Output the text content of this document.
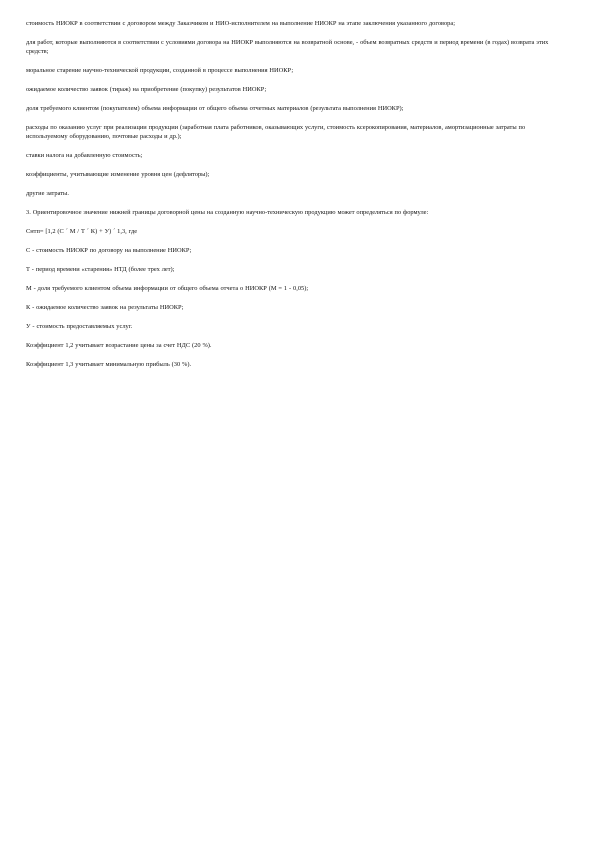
стоимость НИОКР в соответствии с договором между Заказчиком и НИО-исполнителем на выполнение НИОКР на этапе заключения указанного договора;

для работ, которые выполняются в соответствии с условиями договора на НИОКР выполняются на возвратной основе, - объем возвратных средств и период времени (в годах) возврата этих средств;

моральное старение научно-технической продукции, созданной в процессе выполнения НИОКР;

ожидаемое количество заявок (тираж) на приобретение (покупку) результатов НИОКР;

доля требуемого клиентом (покупателем) объема информации от общего объема отчетных материалов (результата выполнения НИОКР);

расходы по оказанию услуг при реализации продукции (заработная плата работников, оказывающих услуги, стоимость ксерокопирования, материалов, амортизационные затраты по используемому оборудованию, почтовые расходы и др.);

ставки налога на добавленную стоимость;

коэффициенты, учитывающие изменение уровня цен (дефляторы);

другие затраты.

3. Ориентировочное значение нижней границы договорной цены на созданную научно-техническую продукцию может определяться по формуле:

Снтп= [1,2 (С ´ М / Т ´ К) + У) ´ 1,3, где

С - стоимость НИОКР по договору на выполнение НИОКР;

Т - период времени «старения» НТД (более трех лет);

М - доля требуемого клиентом объема информации от общего объема отчета о НИОКР (М = 1 - 0,05);

К - ожидаемое количество заявок на результаты НИОКР;

У - стоимость предоставляемых услуг.

Коэффициент 1,2 учитывает возрастание цены за счет НДС (20 %).

Коэффициент 1,3 учитывает минимальную прибыль (30 %).
